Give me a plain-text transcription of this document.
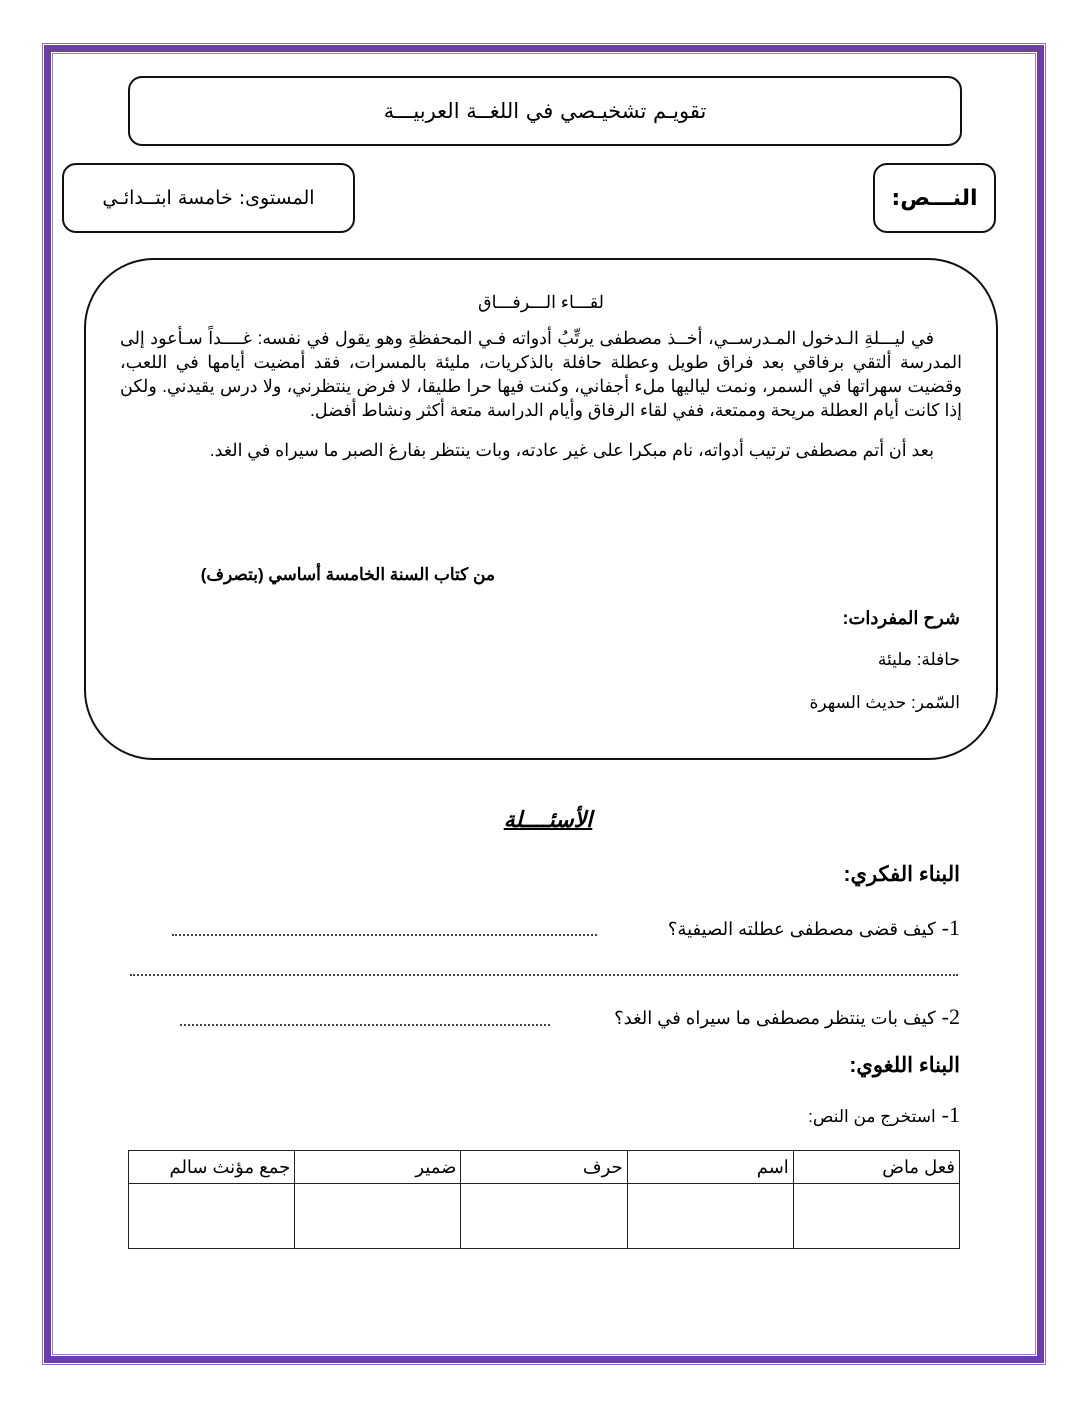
تقويـم تشخيـصي في اللغــة العربيـــة
المستوى: خامسة ابتــدائـي	النـــص:
لقـــاء الـــرفـــاق

في ليـــلةِ الـدخول المـدرســي، أخــذ مصطفى يرتِّبُ أدواته فـي المحفظةِ وهو يقول في نفسه: غــــداً سـأعود إلى المدرسة ألتقي برفاقي بعد فراق طويل وعطلة حافلة بالذكريات، مليئة بالمسرات، فقد أمضيت أيامها في اللعب، وقضيت سهراتها في السمر، ونمت لياليها ملء أجفاني، وكنت فيها حرا طليقا، لا فرض ينتظرني، ولا درس يقيدني. ولكن إذا كانت أيام العطلة مريحة وممتعة، ففي لقاء الرفاق وأيام الدراسة متعة أكثر ونشاط أفضل.

بعد أن أتم مصطفى ترتيب أدواته، نام مبكرا على غير عادته، وبات ينتظر بفارغ الصبر ما سيراه في الغد.

من كتاب السنة الخامسة أساسي (بتصرف)
شرح المفردات:
حافلة: مليئة
السّمر: حديث السهرة
الأسئــــلة
البناء الفكري:
1-
كيف قضى مصطفى عطلته الصيفية؟
2-
كيف بات ينتظر مصطفى ما سيراه في الغد؟
البناء اللغوي:
1-
استخرج من النص:
فعل ماض	اسم	حرف	ضمير	جمع مؤنث سالم
